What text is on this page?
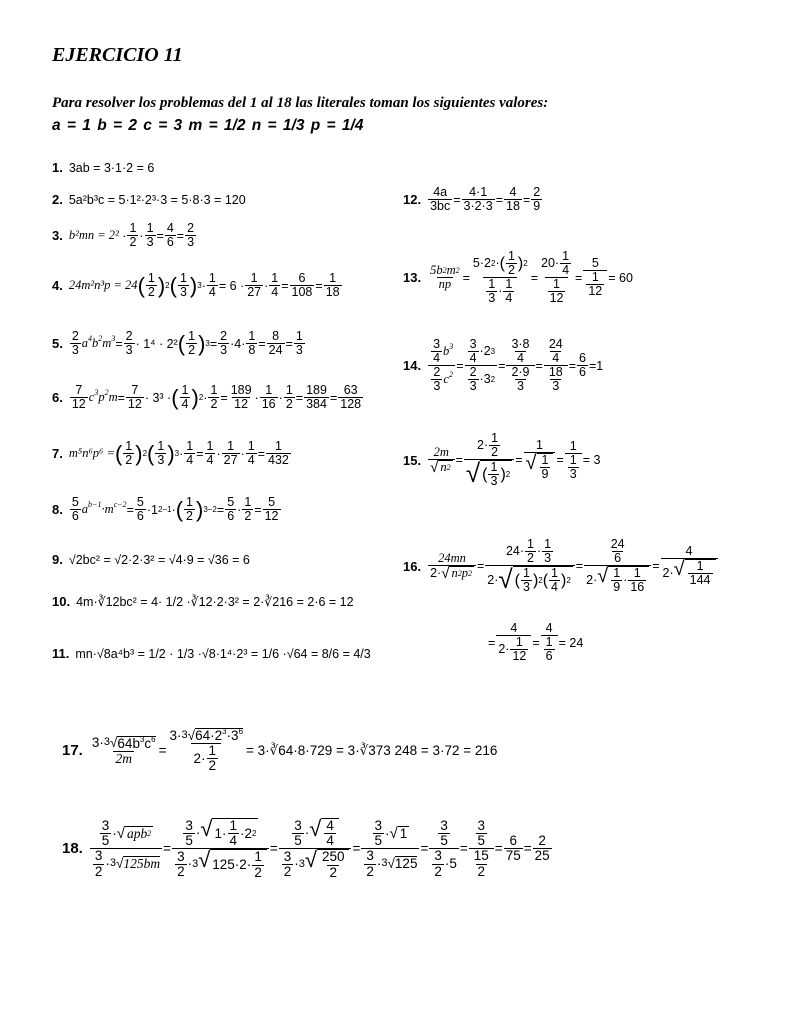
EJERCICIO 11
Para resolver los problemas del 1 al 18 las literales toman los siguientes valores:
a = 1 b = 2 c = 3 m = 1/2 n = 1/3 p = 1/4
1. 3ab = 3·1·2 = 6
2. 5a²b³c = 5·1²·2³·3 = 5·8·3 = 120
3. b²mn = 2² ·
1
2 ·
1
3 =
4
6 =
2
3
4. 24m²n³p = 24 ( 1
2 ) 2 ( 1
3 ) 3 ·
1
4 = 6 ·
1
27 ·
1
4 =
6
108 =
1
18
5.
2
3 $a^4b^2m^3$ =
2
3 · 1⁴ · 2² ( 1
2 ) 3 =
2
3 ·4·
1
8 =
8
24 =
1
3
6.
7
12 $c^3p^2m$ =
7
12 · 3³ · ( 1
4 ) 2 ·
1
2 =
189
12 ·
1
16 ·
1
2 =
189
384 =
63
128
7. m⁵n⁶p⁶ = ( 1
2 ) 2 ( 1
3 ) 3 ·
1
4 =
1
4 ·
1
27 ·
1
4 =
1
432
8.
5
6 $a^{b-1}\cdot m^{c-2}$ =
5
6 ·1 2−1 · ( 1
2 ) 3−2 =
5
6 ·
1
2 =
5
12
9. √2bc² = √2·2·3² = √4·9 = √36 = 6
10. 4m·∛12bc² = 4· 1/2 ·∛12·2·3² = 2·∛216 = 2·6 = 12
11. mn·√8a⁴b³ = 1/2 · 1/3 ·√8·1⁴·2³ = 1/6 ·√64 = 8/6 = 4/3
12.
4a
3bc =
4·1
3·2·3 =
4
18 =
2
9
13.
5b 2 m 2
np =
5·2 2 · ( 1
2 ) 2
1
3
·
1
4
=
20·
1
4
1
12
= 5
1
12 = 60
14.
3
4
$b^3$
2
3
$c^2$
=
3
4
·2 3
2
3
·3 2
=
3·8
4
2·9
3
=
24
4
18
3
= $\frac{6}{6} =1$
15.
2m
√ n 2
=
2·
1
2
√ ( 1
3 ) 2
=
1
√ 1
9
= 1
1
3 = 3
16.
24mn
2· √ n 2 p 2
=
24·
1
2
·
1
3
2· √ ( 1
3 ) 2 ( 1
4 ) 2
=
24
6
2· √ 1
9
·
1
16
=
4
2· √ 1
144
=
4
2·
1
12
= 4
1
6 = 24
17. 3· 3 √ $64b^3c^6$
2m = 3· 3 √ $64\cdot 2^3\cdot 3^6$
2·
1
2 = 3·∛64·8·729 = 3·∛373 248 = 3·72 = 216
18.
3
5
· √ apb 2
3
2
· 3 √ 125bm
=
3
5
· √ 1·
1
4
·2 2
3
2
· 3 √ 125·2·
1
2
=
3
5
· √ 4
4
3
2
· 3 √ 250
2
=
3
5
· √ 1
3
2
· 3 √ 125
=
3
5
3
2
·5
=
3
5
15
2
=
6
75 =
2
25
